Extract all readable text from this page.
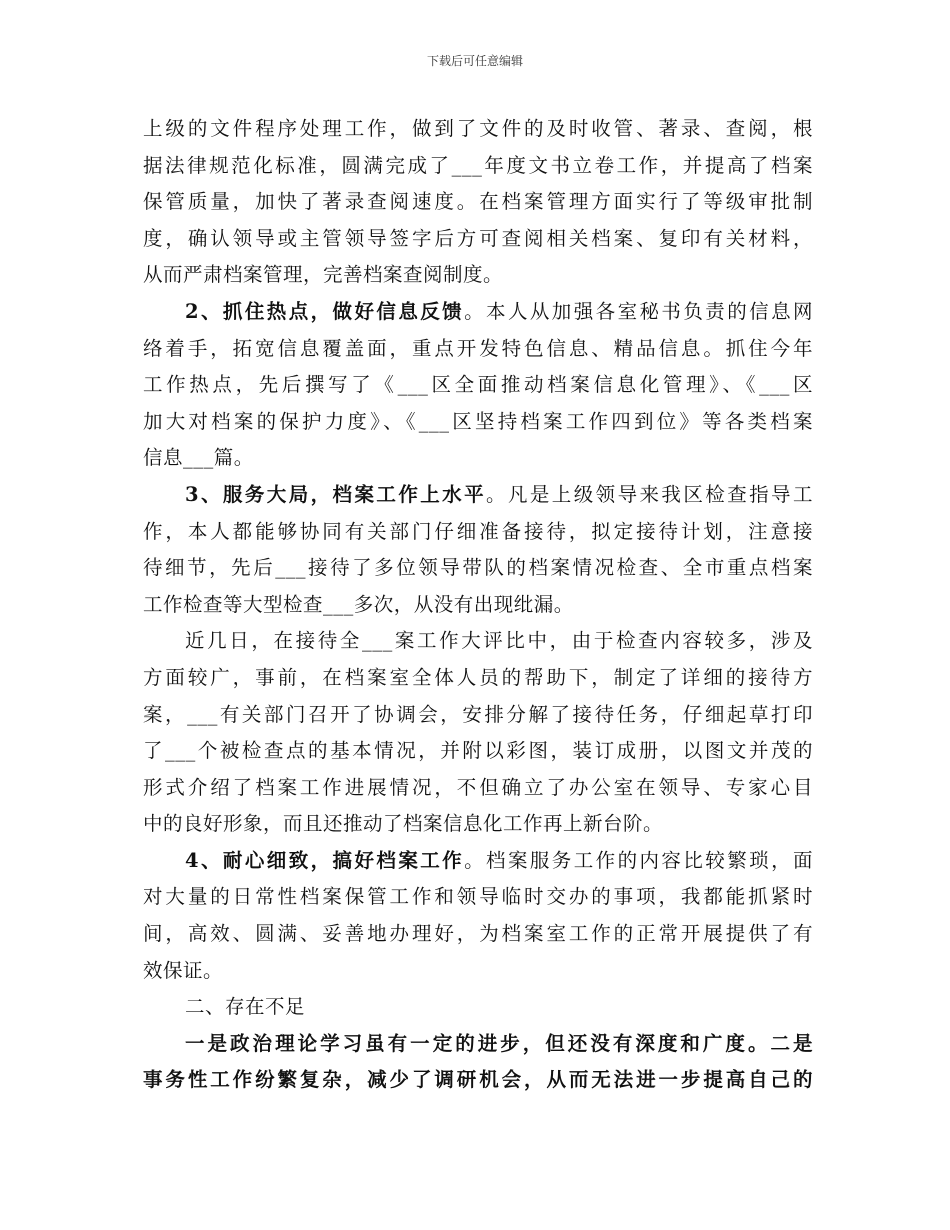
下载后可任意编辑
上级的文件程序处理工作，做到了文件的及时收管、著录、查阅，根
据法律规范化标准，圆满完成了___年度文书立卷工作，并提高了档案
保管质量，加快了著录查阅速度。在档案管理方面实行了等级审批制
度，确认领导或主管领导签字后方可查阅相关档案、复印有关材料，
从而严肃档案管理，完善档案查阅制度。
2、抓住热点，做好信息反馈。本人从加强各室秘书负责的信息网
络着手，拓宽信息覆盖面，重点开发特色信息、精品信息。抓住今年
工作热点，先后撰写了《___区全面推动档案信息化管理》、《___区
加大对档案的保护力度》、《___区坚持档案工作四到位》等各类档案
信息___篇。
3、服务大局，档案工作上水平。凡是上级领导来我区检查指导工
作，本人都能够协同有关部门仔细准备接待，拟定接待计划，注意接
待细节，先后___接待了多位领导带队的档案情况检查、全市重点档案
工作检查等大型检查___多次，从没有出现纰漏。
近几日，在接待全___案工作大评比中，由于检查内容较多，涉及
方面较广，事前，在档案室全体人员的帮助下，制定了详细的接待方
案，___有关部门召开了协调会，安排分解了接待任务，仔细起草打印
了___个被检查点的基本情况，并附以彩图，装订成册，以图文并茂的
形式介绍了档案工作进展情况，不但确立了办公室在领导、专家心目
中的良好形象，而且还推动了档案信息化工作再上新台阶。
4、耐心细致，搞好档案工作。档案服务工作的内容比较繁琐，面
对大量的日常性档案保管工作和领导临时交办的事项，我都能抓紧时
间，高效、圆满、妥善地办理好，为档案室工作的正常开展提供了有
效保证。
二、存在不足
一是政治理论学习虽有一定的进步，但还没有深度和广度。二是
事务性工作纷繁复杂，减少了调研机会，从而无法进一步提高自己的
